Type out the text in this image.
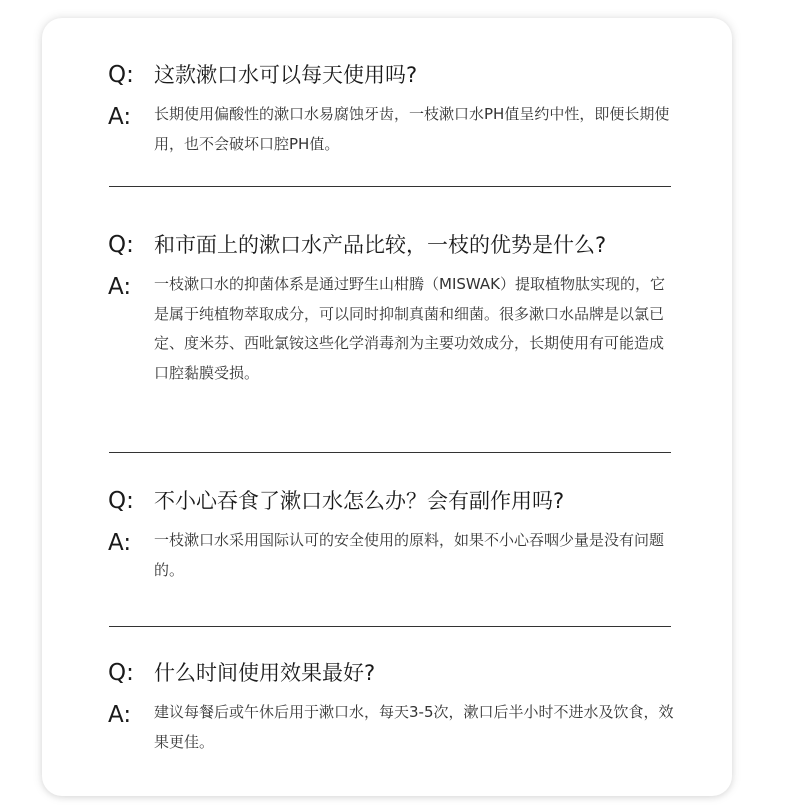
Q: 这款漱口水可以每天使用吗?
A: 长期使用偏酸性的漱口水易腐蚀牙齿，一枝漱口水PH值呈约中性，即便长期使用，也不会破坏口腔PH值。
Q: 和市面上的漱口水产品比较，一枝的优势是什么?
A: 一枝漱口水的抑菌体系是通过野生山柑腾（MISWAK）提取植物肽实现的，它是属于纯植物萃取成分，可以同时抑制真菌和细菌。很多漱口水品牌是以氯已定、度米芬、西吡氯铵这些化学消毒剂为主要功效成分，长期使用有可能造成口腔黏膜受损。
Q: 不小心吞食了漱口水怎么办？会有副作用吗?
A: 一枝漱口水采用国际认可的安全使用的原料，如果不小心吞咽少量是没有问题的。
Q: 什么时间使用效果最好?
A: 建议每餐后或午休后用于漱口水，每天3-5次，漱口后半小时不进水及饮食，效果更佳。
